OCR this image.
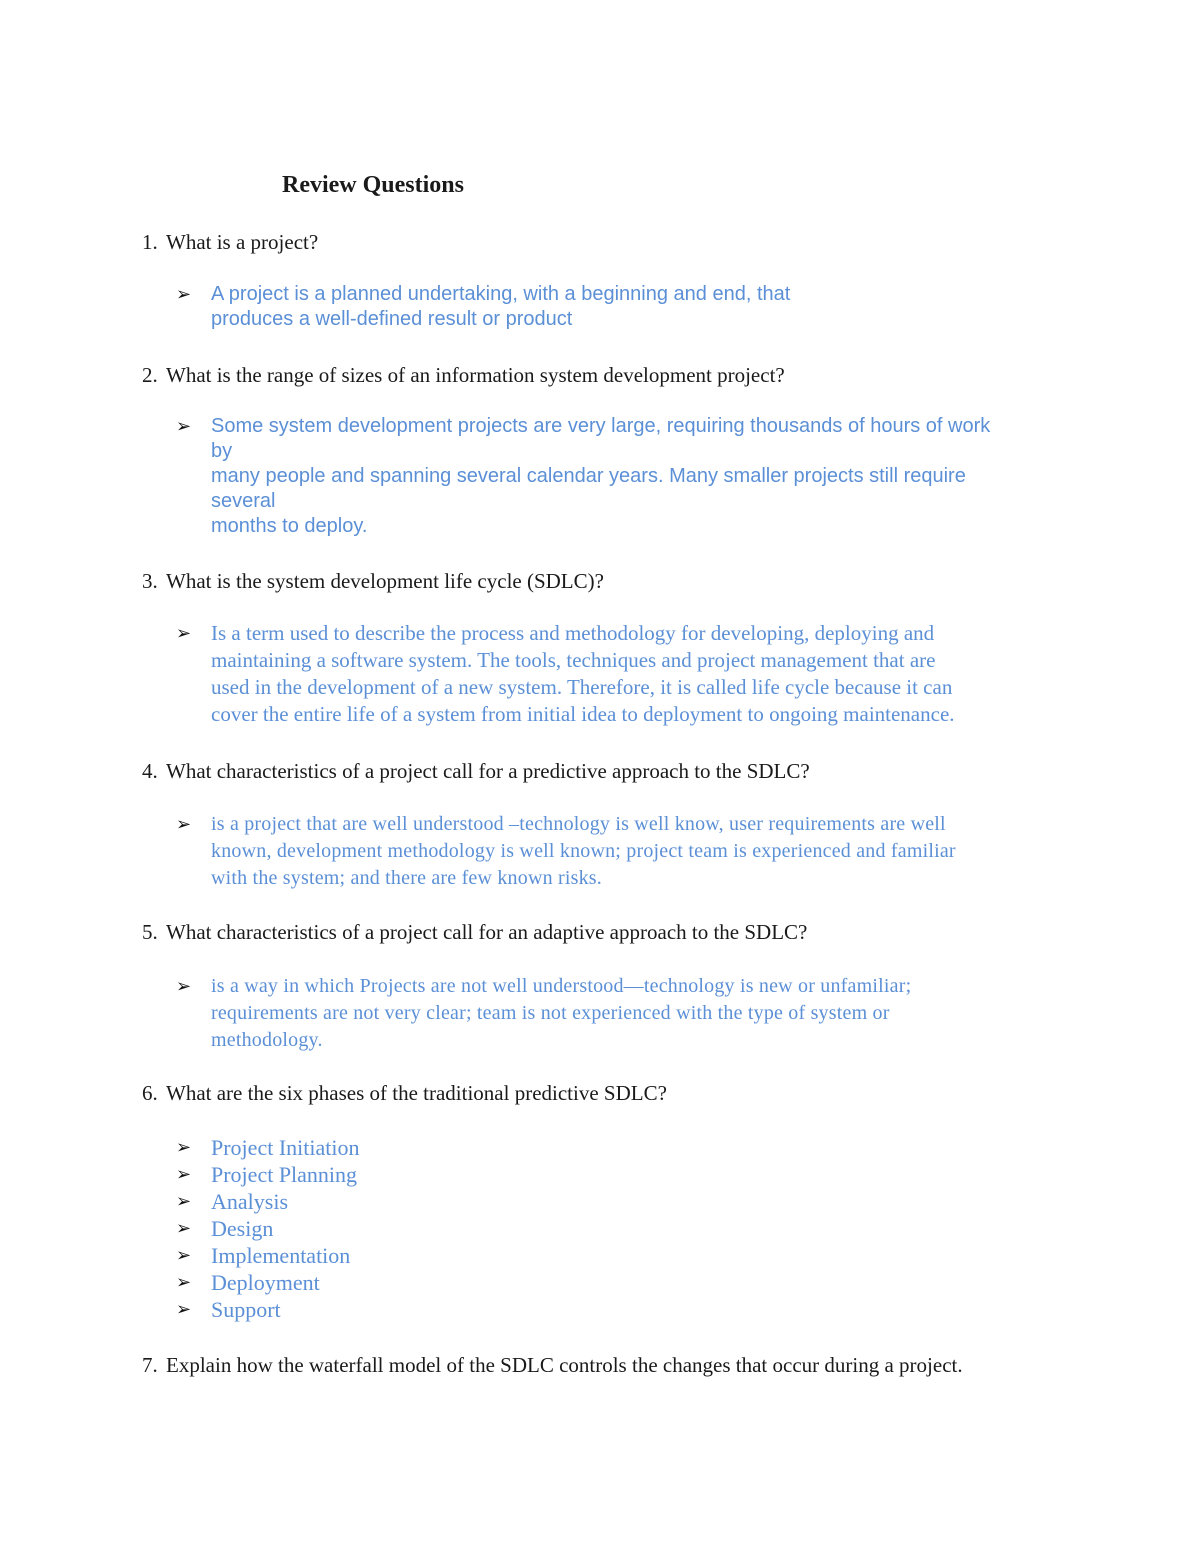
Review Questions

1. What is a project?

➢ A project is a planned undertaking, with a beginning and end, that
produces a well-defined result or product

2. What is the range of sizes of an information system development project?

➢ Some system development projects are very large, requiring thousands of hours of work
by
many people and spanning several calendar years. Many smaller projects still require
several
months to deploy.

3. What is the system development life cycle (SDLC)?

➢ Is a term used to describe the process and methodology for developing, deploying and
maintaining a software system. The tools, techniques and project management that are
used in the development of a new system. Therefore, it is called life cycle because it can
cover the entire life of a system from initial idea to deployment to ongoing maintenance.

4. What characteristics of a project call for a predictive approach to the SDLC?

➢ is a project that are well understood –technology is well know, user requirements are well
known, development methodology is well known; project team is experienced and familiar
with the system; and there are few known risks.

5. What characteristics of a project call for an adaptive approach to the SDLC?

➢ is a way in which Projects are not well understood—technology is new or unfamiliar;
requirements are not very clear; team is not experienced with the type of system or
methodology.

6. What are the six phases of the traditional predictive SDLC?

➢ Project Initiation
➢ Project Planning
➢ Analysis
➢ Design
➢ Implementation
➢ Deployment
➢ Support

7. Explain how the waterfall model of the SDLC controls the changes that occur during a project.
